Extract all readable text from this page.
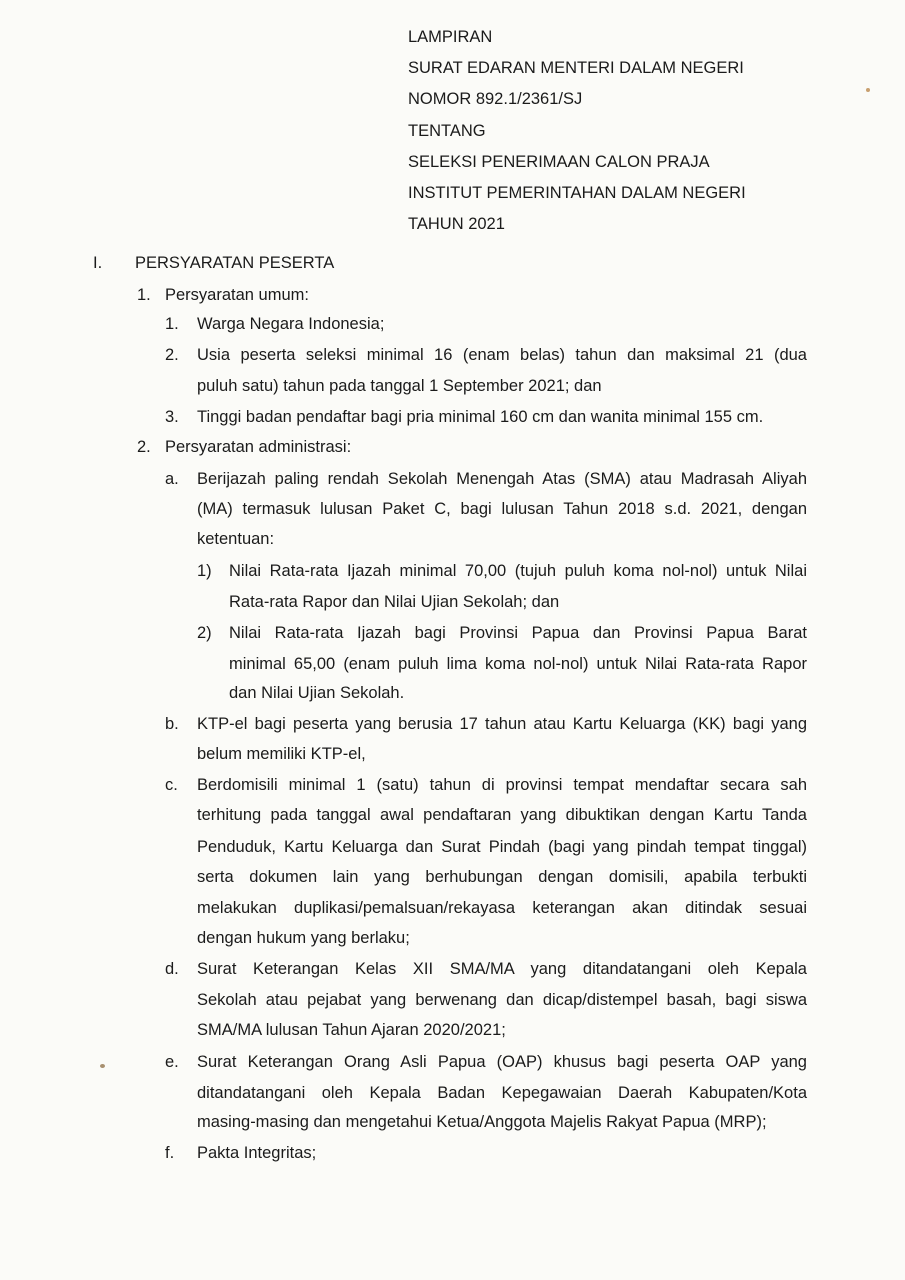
LAMPIRAN
SURAT EDARAN MENTERI DALAM NEGERI
NOMOR 892.1/2361/SJ
TENTANG
SELEKSI PENERIMAAN CALON PRAJA
INSTITUT PEMERINTAHAN DALAM NEGERI
TAHUN 2021
I. PERSYARATAN PESERTA
1. Persyaratan umum:
1. Warga Negara Indonesia;
2. Usia peserta seleksi minimal 16 (enam belas) tahun dan maksimal 21 (dua
puluh satu) tahun pada tanggal 1 September 2021; dan
3. Tinggi badan pendaftar bagi pria minimal 160 cm dan wanita minimal 155 cm.
2. Persyaratan administrasi:
a. Berijazah paling rendah Sekolah Menengah Atas (SMA) atau Madrasah Aliyah
(MA) termasuk lulusan Paket C, bagi lulusan Tahun 2018 s.d. 2021, dengan
ketentuan:
1) Nilai Rata-rata Ijazah minimal 70,00 (tujuh puluh koma nol-nol) untuk Nilai
Rata-rata Rapor dan Nilai Ujian Sekolah; dan
2) Nilai Rata-rata Ijazah bagi Provinsi Papua dan Provinsi Papua Barat
minimal 65,00 (enam puluh lima koma nol-nol) untuk Nilai Rata-rata Rapor
dan Nilai Ujian Sekolah.
b. KTP-el bagi peserta yang berusia 17 tahun atau Kartu Keluarga (KK) bagi yang
belum memiliki KTP-el,
c. Berdomisili minimal 1 (satu) tahun di provinsi tempat mendaftar secara sah
terhitung pada tanggal awal pendaftaran yang dibuktikan dengan Kartu Tanda
Penduduk, Kartu Keluarga dan Surat Pindah (bagi yang pindah tempat tinggal)
serta dokumen lain yang berhubungan dengan domisili, apabila terbukti
melakukan duplikasi/pemalsuan/rekayasa keterangan akan ditindak sesuai
dengan hukum yang berlaku;
d. Surat Keterangan Kelas XII SMA/MA yang ditandatangani oleh Kepala
Sekolah atau pejabat yang berwenang dan dicap/distempel basah, bagi siswa
SMA/MA lulusan Tahun Ajaran 2020/2021;
e. Surat Keterangan Orang Asli Papua (OAP) khusus bagi peserta OAP yang
ditandatangani oleh Kepala Badan Kepegawaian Daerah Kabupaten/Kota
masing-masing dan mengetahui Ketua/Anggota Majelis Rakyat Papua (MRP);
f. Pakta Integritas;
